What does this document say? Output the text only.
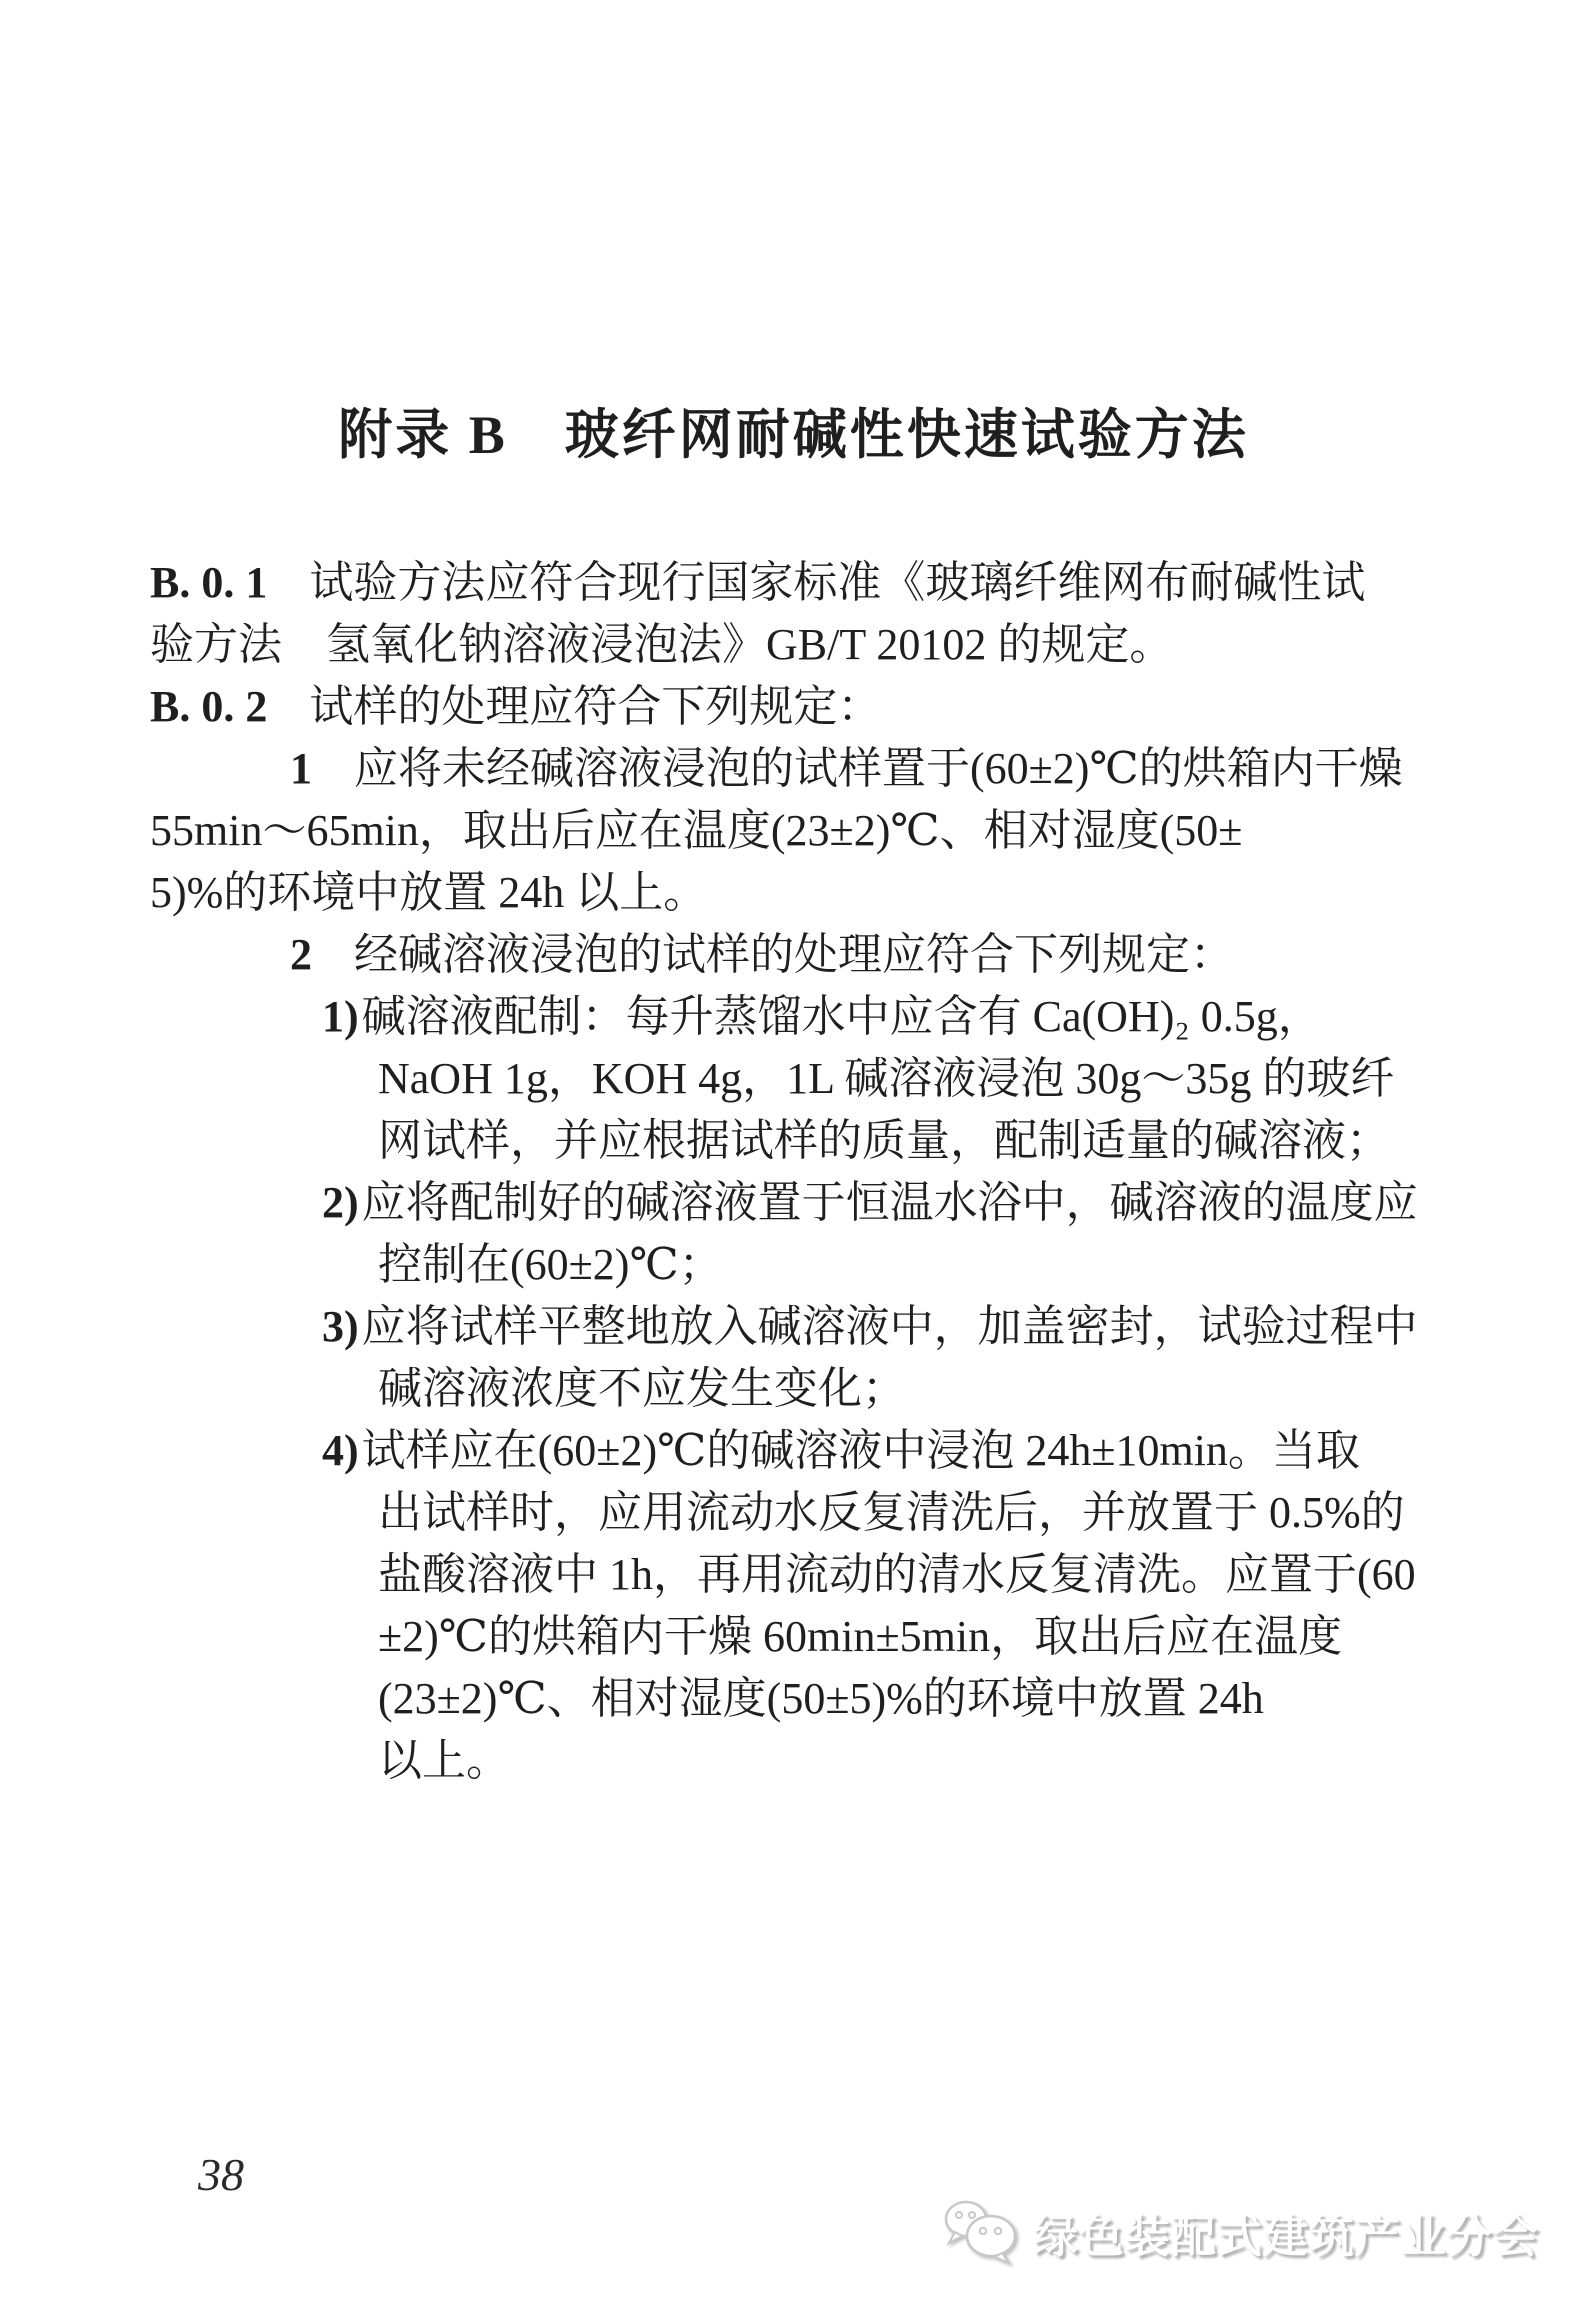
附录 B　玻纤网耐碱性快速试验方法
B. 0. 1 试验方法应符合现行国家标准《玻璃纤维网布耐碱性试
验方法　氢氧化钠溶液浸泡法》GB/T 20102 的规定。
B. 0. 2 试样的处理应符合下列规定：
1 应将未经碱溶液浸泡的试样置于(60±2)℃的烘箱内干燥
55min～65min，取出后应在温度(23±2)℃、相对湿度(50±
5)%的环境中放置 24h 以上。
2 经碱溶液浸泡的试样的处理应符合下列规定：
1)碱溶液配制：每升蒸馏水中应含有 Ca(OH)₂ 0.5g，
NaOH 1g，KOH 4g，1L 碱溶液浸泡 30g～35g 的玻纤
网试样，并应根据试样的质量，配制适量的碱溶液；
2)应将配制好的碱溶液置于恒温水浴中，碱溶液的温度应
控制在(60±2)℃；
3)应将试样平整地放入碱溶液中，加盖密封，试验过程中
碱溶液浓度不应发生变化；
4)试样应在(60±2)℃的碱溶液中浸泡 24h±10min。当取
出试样时，应用流动水反复清洗后，并放置于 0.5%的
盐酸溶液中 1h，再用流动的清水反复清洗。应置于(60
±2)℃的烘箱内干燥 60min±5min，取出后应在温度
(23±2)℃、相对湿度(50±5)%的环境中放置 24h
以上。
38
绿色装配式建筑产业分会
